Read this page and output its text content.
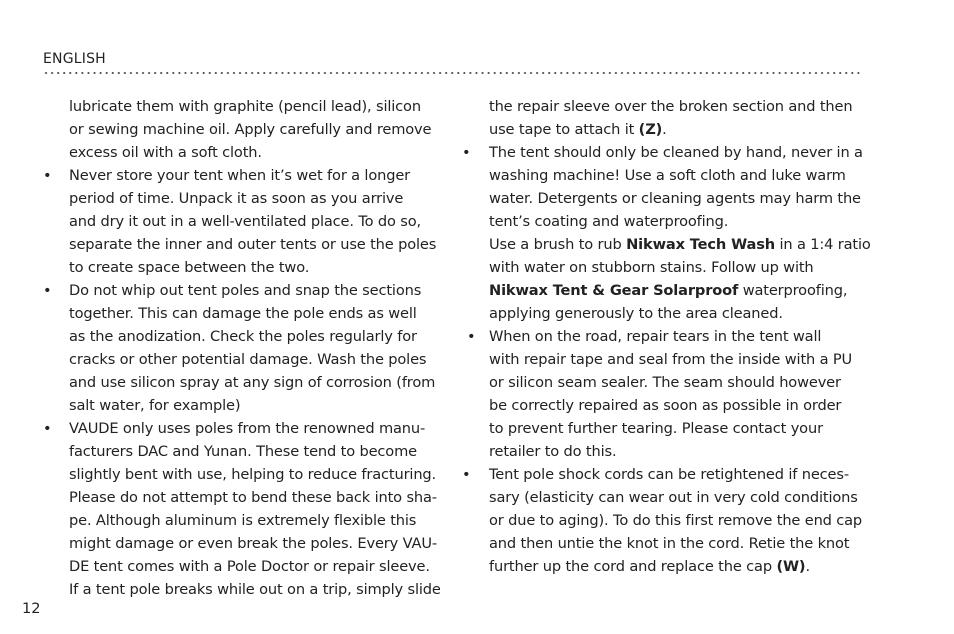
ENGLISH

lubricate them with graphite (pencil lead), silicon

or sewing machine oil. Apply carefully and remove

excess oil with a soft cloth.

• Never store your tent when it’s wet for a longer

period of time. Unpack it as soon as you arrive

and dry it out in a well-ventilated place. To do so,

separate the inner and outer tents or use the poles

to create space between the two.

• Do not whip out tent poles and snap the sections

together. This can damage the pole ends as well

as the anodization. Check the poles regularly for

cracks or other potential damage. Wash the poles

and use silicon spray at any sign of corrosion (from

salt water, for example)

• VAUDE only uses poles from the renowned manu-

facturers DAC and Yunan. These tend to become

slightly bent with use, helping to reduce fracturing.

Please do not attempt to bend these back into sha-

pe. Although aluminum is extremely flexible this

might damage or even break the poles. Every VAU-

DE tent comes with a Pole Doctor or repair sleeve.

If a tent pole breaks while out on a trip, simply slide

the repair sleeve over the broken section and then

use tape to attach it (Z).

• The tent should only be cleaned by hand, never in a

washing machine! Use a soft cloth and luke warm

water. Detergents or cleaning agents may harm the

tent’s coating and waterproofing.

Use a brush to rub Nikwax Tech Wash in a 1:4 ratio

with water on stubborn stains. Follow up with

Nikwax Tent & Gear Solarproof waterproofing,

applying generously to the area cleaned.

• When on the road, repair tears in the tent wall

with repair tape and seal from the inside with a PU

or silicon seam sealer. The seam should however

be correctly repaired as soon as possible in order

to prevent further tearing. Please contact your

retailer to do this.

• Tent pole shock cords can be retightened if neces-

sary (elasticity can wear out in very cold conditions

or due to aging). To do this first remove the end cap

and then untie the knot in the cord. Retie the knot

further up the cord and replace the cap (W).

12
